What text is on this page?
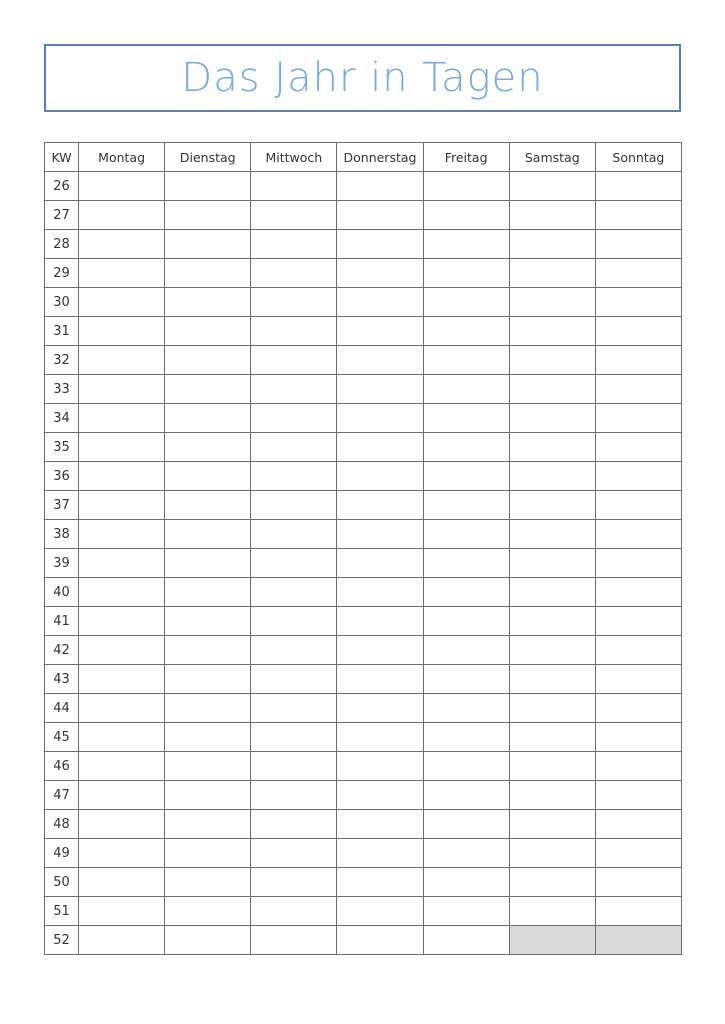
Das Jahr in Tagen
KW	Montag	Dienstag	Mittwoch	Donnerstag	Freitag	Samstag	Sonntag
26							
27							
28							
29							
30							
31							
32							
33							
34							
35							
36							
37							
38							
39							
40							
41							
42							
43							
44							
45							
46							
47							
48							
49							
50							
51							
52							
